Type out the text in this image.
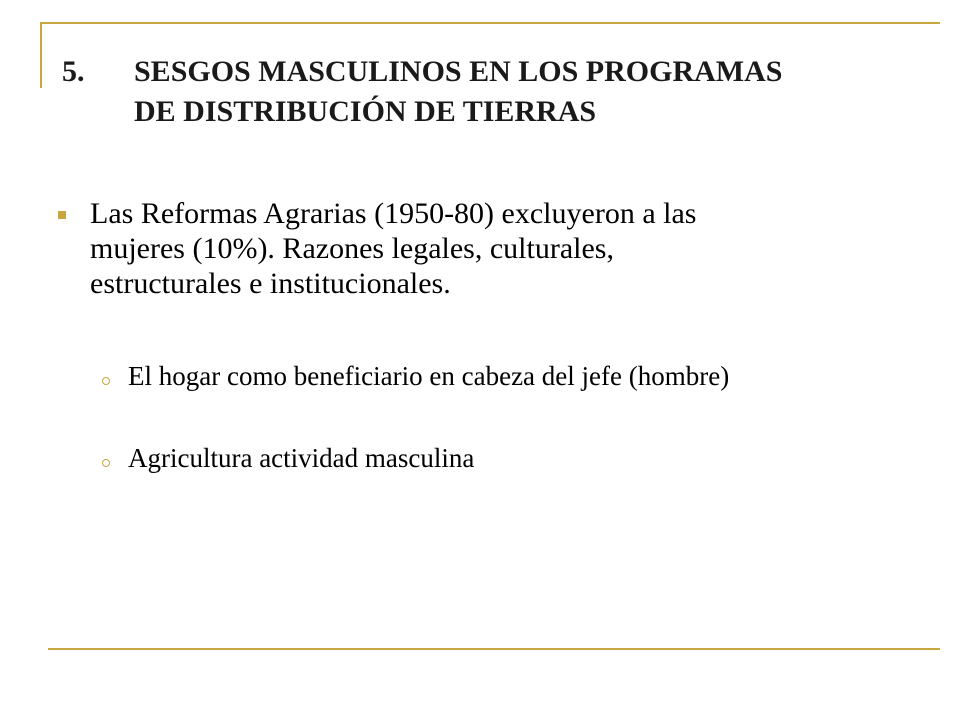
5. SESGOS MASCULINOS EN LOS PROGRAMAS
DE DISTRIBUCIÓN DE TIERRAS
Las Reformas Agrarias (1950-80) excluyeron a las
mujeres (10%). Razones legales, culturales,
estructurales e institucionales.
El hogar como beneficiario en cabeza del jefe (hombre)
Agricultura actividad masculina
